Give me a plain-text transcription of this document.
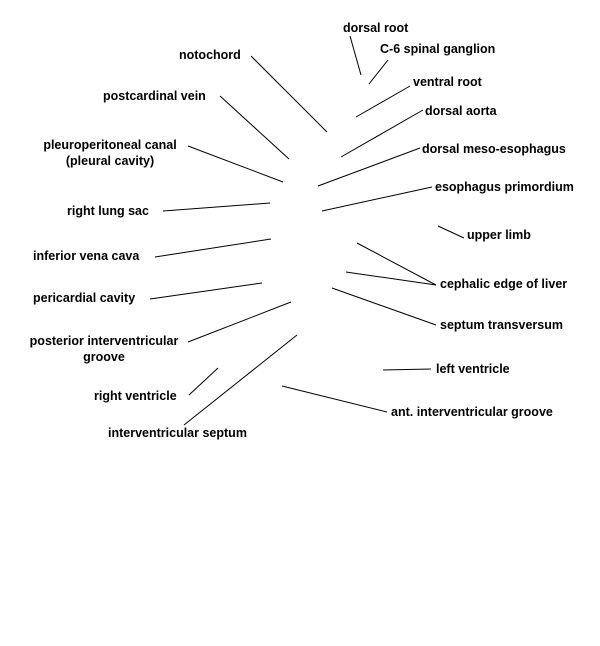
dorsal root
C-6 spinal ganglion
notochord
ventral root
dorsal aorta
postcardinal vein
pleuroperitoneal canal
(pleural cavity)
dorsal meso-esophagus
esophagus primordium
right lung sac
upper limb
inferior vena cava
cephalic edge of liver
pericardial cavity
septum transversum
posterior interventricular
groove
left ventricle
right ventricle
ant. interventricular groove
interventricular septum
